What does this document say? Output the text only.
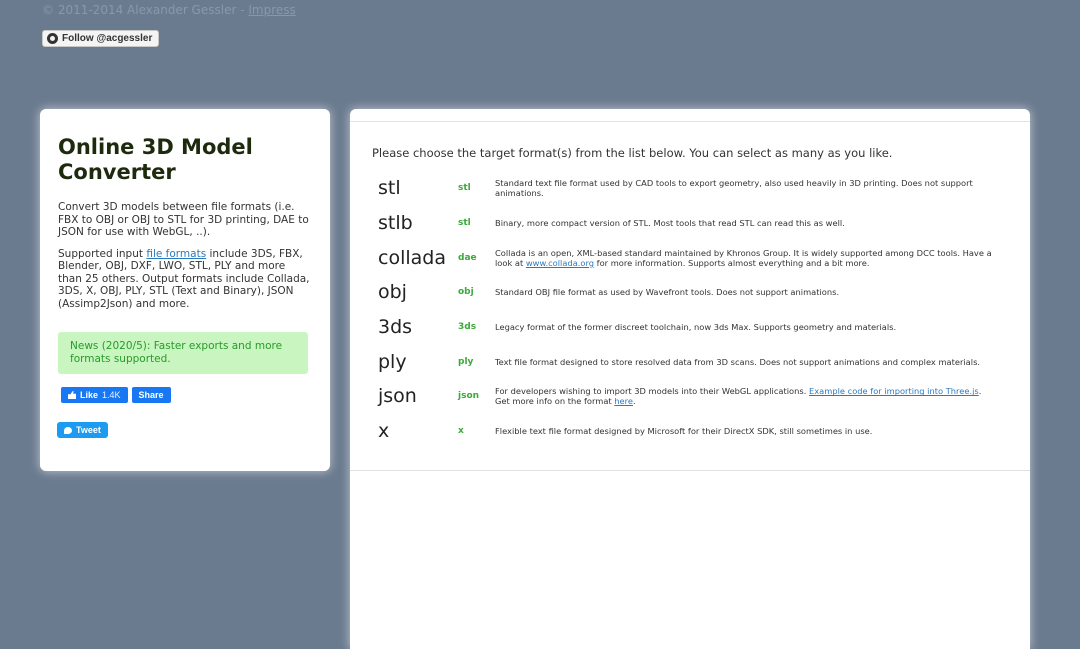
© 2011-2014 Alexander Gessler - Impress
Follow @acgessler
Online 3D Model Converter

Convert 3D models between file formats (i.e. FBX to OBJ or OBJ to STL for 3D printing, DAE to JSON for use with WebGL, ..).

Supported input file formats include 3DS, FBX, Blender, OBJ, DXF, LWO, STL, PLY and more than 25 others. Output formats include Collada, 3DS, X, OBJ, PLY, STL (Text and Binary), JSON (Assimp2Json) and more.

News (2020/5): Faster exports and more formats supported.
Like 1.4K Share
Tweet
Please choose the target format(s) from the list below. You can select as many as you like.
stl	stl	Standard text file format used by CAD tools to export geometry, also used heavily in 3D printing. Does not support animations.
stlb	stl	Binary, more compact version of STL. Most tools that read STL can read this as well.
collada dae Collada is an open, XML-based standard maintained by Khronos Group. It is widely supported among DCC tools. Have a look at www.collada.org for more information. Supports almost everything and a bit more.
obj	obj	Standard OBJ file format as used by Wavefront tools. Does not support animations.
3ds	3ds Legacy format of the former discreet toolchain, now 3ds Max. Supports geometry and materials.
ply	ply	Text file format designed to store resolved data from 3D scans. Does not support animations and complex materials.
json	json For developers wishing to import 3D models into their WebGL applications. Example code for importing into Three.js.
Get more info on the format here.
x	x	Flexible text file format designed by Microsoft for their DirectX SDK, still sometimes in use.
